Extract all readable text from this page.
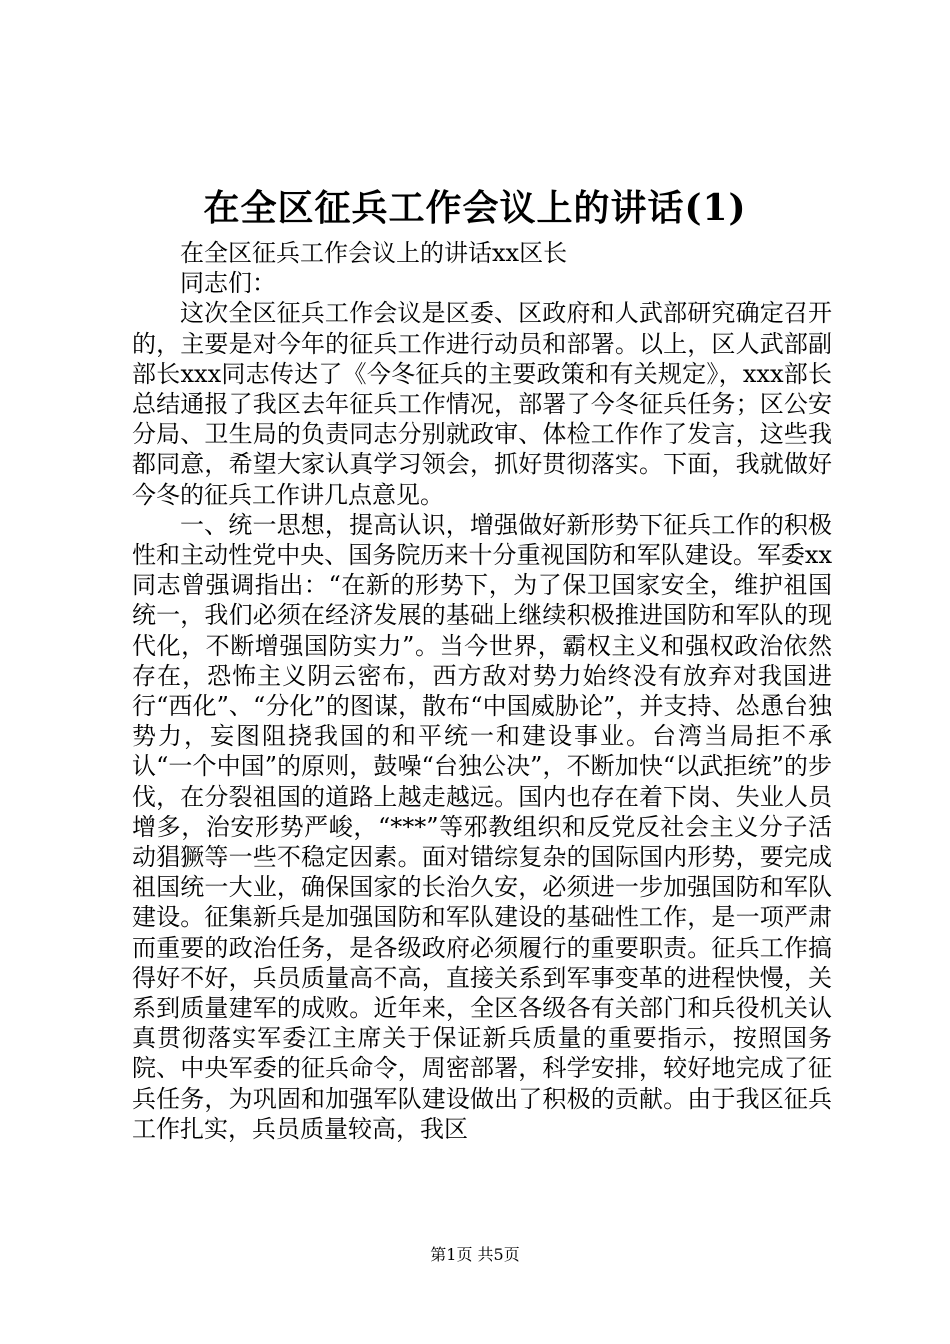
在全区征兵工作会议上的讲话(1)

在全区征兵工作会议上的讲话xx区长

同志们：

这次全区征兵工作会议是区委、区政府和人武部研究确定召开的，主要是对今年的征兵工作进行动员和部署。以上，区人武部副部长xxx同志传达了《今冬征兵的主要政策和有关规定》，xxx部长总结通报了我区去年征兵工作情况，部署了今冬征兵任务；区公安分局、卫生局的负责同志分别就政审、体检工作作了发言，这些我都同意，希望大家认真学习领会，抓好贯彻落实。下面，我就做好今冬的征兵工作讲几点意见。

一、统一思想，提高认识，增强做好新形势下征兵工作的积极性和主动性党中央、国务院历来十分重视国防和军队建设。军委xx同志曾强调指出：“在新的形势下，为了保卫国家安全，维护祖国统一，我们必须在经济发展的基础上继续积极推进国防和军队的现代化，不断增强国防实力”。当今世界，霸权主义和强权政治依然存在，恐怖主义阴云密布，西方敌对势力始终没有放弃对我国进行“西化”、“分化”的图谋，散布“中国威胁论”，并支持、怂恿台独势力，妄图阻挠我国的和平统一和建设事业。台湾当局拒不承认“一个中国”的原则，鼓噪“台独公决”，不断加快“以武拒统”的步伐，在分裂祖国的道路上越走越远。国内也存在着下岗、失业人员增多，治安形势严峻，“***”等邪教组织和反党反社会主义分子活动猖獗等一些不稳定因素。面对错综复杂的国际国内形势，要完成祖国统一大业，确保国家的长治久安，必须进一步加强国防和军队建设。征集新兵是加强国防和军队建设的基础性工作，是一项严肃而重要的政治任务，是各级政府必须履行的重要职责。征兵工作搞得好不好，兵员质量高不高，直接关系到军事变革的进程快慢，关系到质量建军的成败。近年来，全区各级各有关部门和兵役机关认真贯彻落实军委江主席关于保证新兵质量的重要指示，按照国务院、中央军委的征兵命令，周密部署，科学安排，较好地完成了征兵任务，为巩固和加强军队建设做出了积极的贡献。由于我区征兵工作扎实，兵员质量较高，我区

第1页 共5页
